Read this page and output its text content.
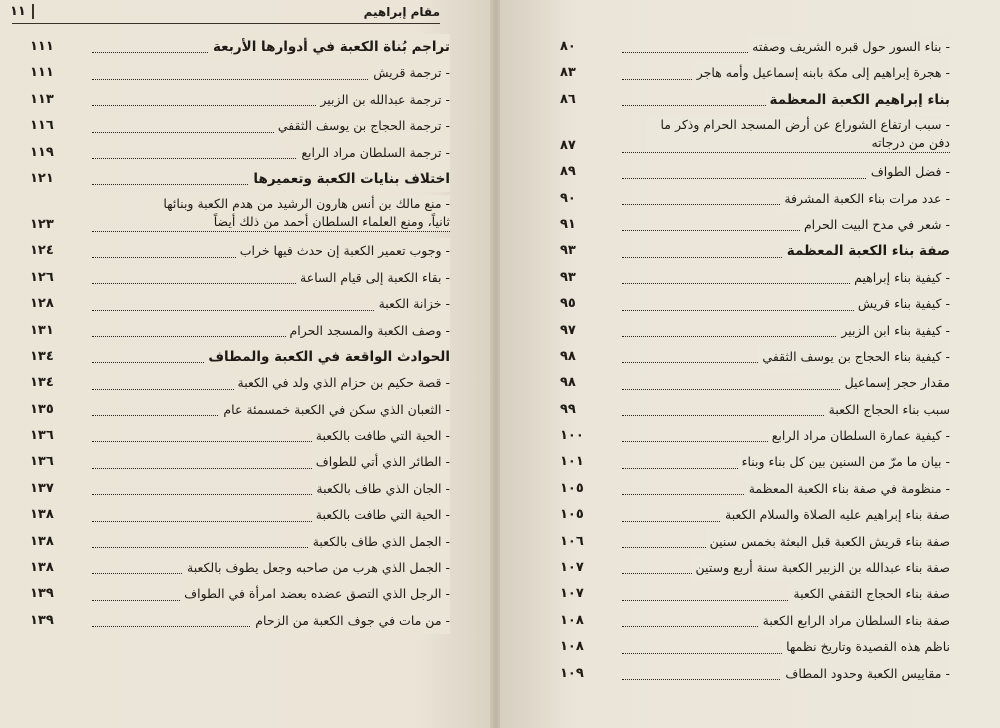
مقام إبراهيم
١١
تراجم بُناة الكعبة في أدوارها الأربعة
١١١
- ترجمة قريش
١١١
- ترجمة عبدالله بن الزبير
١١٣
- ترجمة الحجاج بن يوسف الثقفي
١١٦
- ترجمة السلطان مراد الرابع
١١٩
اختلاف بنايات الكعبة وتعميرها
١٢١
- منع مالك بن أنس هارون الرشيد من هدم الكعبة وبنائها ثانياً، ومنع العلماء السلطان أحمد من ذلك أيضاً
١٢٣
- وجوب تعمير الكعبة إن حدث فيها خراب
١٢٤
- بقاء الكعبة إلى قيام الساعة
١٢٦
- خزانة الكعبة
١٢٨
- وصف الكعبة والمسجد الحرام
١٣١
الحوادث الواقعة في الكعبة والمطاف
١٣٤
- قصة حكيم بن حزام الذي ولد في الكعبة
١٣٤
- الثعبان الذي سكن في الكعبة خمسمئة عام
١٣٥
- الحية التي طافت بالكعبة
١٣٦
- الطائر الذي أتي للطواف
١٣٦
- الجان الذي طاف بالكعبة
١٣٧
- الحية التي طافت بالكعبة
١٣٨
- الجمل الذي طاف بالكعبة
١٣٨
- الجمل الذي هرب من صاحبه وجعل يطوف بالكعبة
١٣٨
- الرجل الذي التصق عضده بعضد امرأة في الطواف
١٣٩
- من مات في جوف الكعبة من الزحام
١٣٩
- بناء السور حول قبره الشريف وصفته
٨٠
- هجرة إبراهيم إلى مكة بابنه إسماعيل وأمه هاجر
٨٣
بناء إبراهيم الكعبة المعظمة
٨٦
- سبب ارتفاع الشوراع عن أرض المسجد الحرام وذكر ما دفن من درجاته
٨٧
- فضل الطواف
٨٩
- عدد مرات بناء الكعبة المشرفة
٩٠
- شعر في مدح البيت الحرام
٩١
صفة بناء الكعبة المعظمة
٩٣
- كيفية بناء إبراهيم
٩٣
- كيفية بناء قريش
٩٥
- كيفية بناء ابن الزبير
٩٧
- كيفية بناء الحجاج بن يوسف الثقفي
٩٨
مقدار حجر إسماعيل
٩٨
سبب بناء الحجاج الكعبة
٩٩
- كيفية عمارة السلطان مراد الرابع
١٠٠
- بيان ما مرّ من السنين بين كل بناء وبناء
١٠١
- منظومة في صفة بناء الكعبة المعظمة
١٠٥
صفة بناء إبراهيم عليه الصلاة والسلام الكعبة
١٠٥
صفة بناء قريش الكعبة قبل البعثة بخمس سنين
١٠٦
صفة بناء عبدالله بن الزبير الكعبة سنة أربع وستين
١٠٧
صفة بناء الحجاج الثقفي الكعبة
١٠٧
صفة بناء السلطان مراد الرابع الكعبة
١٠٨
ناظم هذه القصيدة وتاريخ نظمها
١٠٨
- مقاييس الكعبة وحدود المطاف
١٠٩
